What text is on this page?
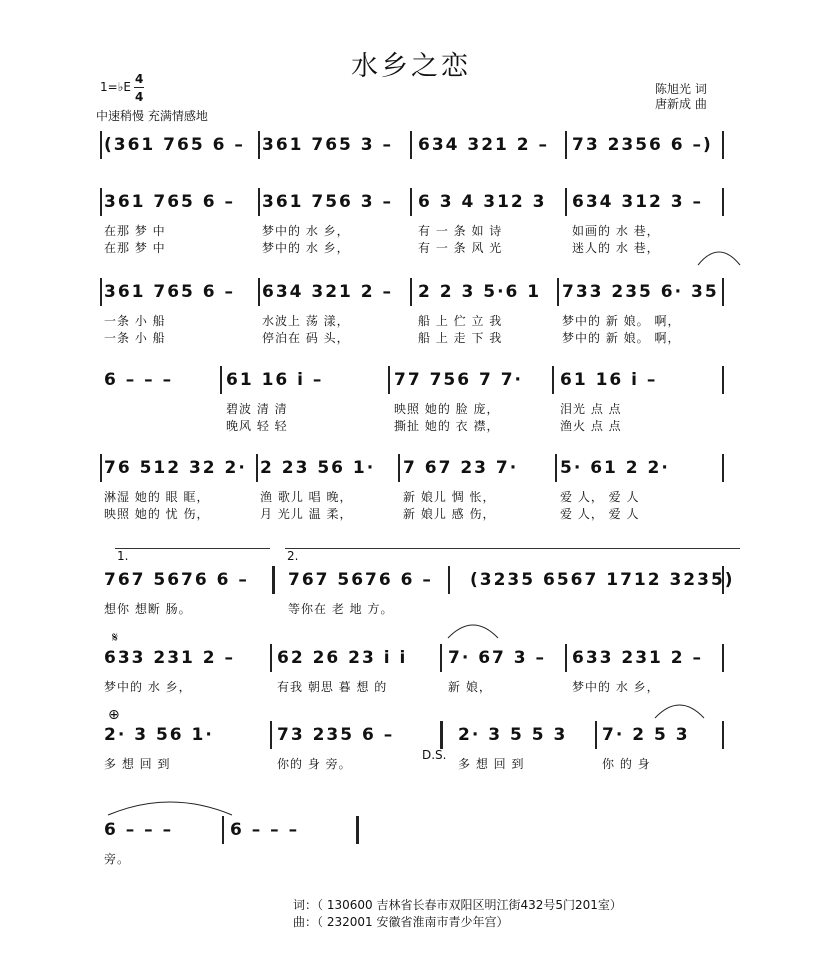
水乡之恋
1=♭E
4
4
中速稍慢 充满情感地
陈旭光 词
唐新成 曲
(361 765 6 – 361 765 3 – 634 321 2 – 73 2356 6 –)
361 765 6 – 361 756 3 – 6 3 4 312 3 634 312 3 –
在那 梦 中	梦中的 水 乡，	有 一 条 如 诗	如画的 水 巷，
在那 梦 中	梦中的 水 乡，	有 一 条 风 光	迷人的 水 巷，
361 765 6 – 634 321 2 – 2 2 3 5·6 1 733 235 6· 35
一条 小 船	水波上 荡 漾，	船 上 伫 立 我	梦中的 新 娘。 啊，
一条 小 船	停泊在 码 头，	船 上 走 下 我	梦中的 新 娘。 啊，
6 – – –	61 16 i –	77 756 7 7· 61 16 i –
碧波 清 清	映照 她的 脸 庞，	泪光 点 点
晚风 轻 轻	撕扯 她的 衣 襟，	渔火 点 点
76 512 32 2· 2 23 56 1· 7 67 23 7· 5· 61 2 2·
淋湿 她的 眼 眶，	渔 歌儿 唱 晚，	新 娘儿 惆 怅，	爱 人， 爱 人
映照 她的 忧 伤，	月 光儿 温 柔，	新 娘儿 感 伤，	爱 人， 爱 人
767 5676 6 – 767 5676 6 – (3235 6567 1712 3235)
想你 想断 肠。	等你在 老 地 方。
1.	2.
633 231 2 – 62 26 23 i i 7· 67 3 – 633 231 2 –
梦中的 水 乡，	有我 朝思 暮 想 的	新 娘，	梦中的 水 乡，
𝄋
2· 3 56 1·	73 235 6 –	2· 3 5 5 3 7· 2 5 3
多 想 回 到	你的 身 旁。	多 想 回 到	你 的 身
⊕
D.S.
6 – – –	6 – – –
旁。
词：（ 130600 吉林省长春市双阳区明江街432号5门201室）
曲：（ 232001 安徽省淮南市青少年宫）
